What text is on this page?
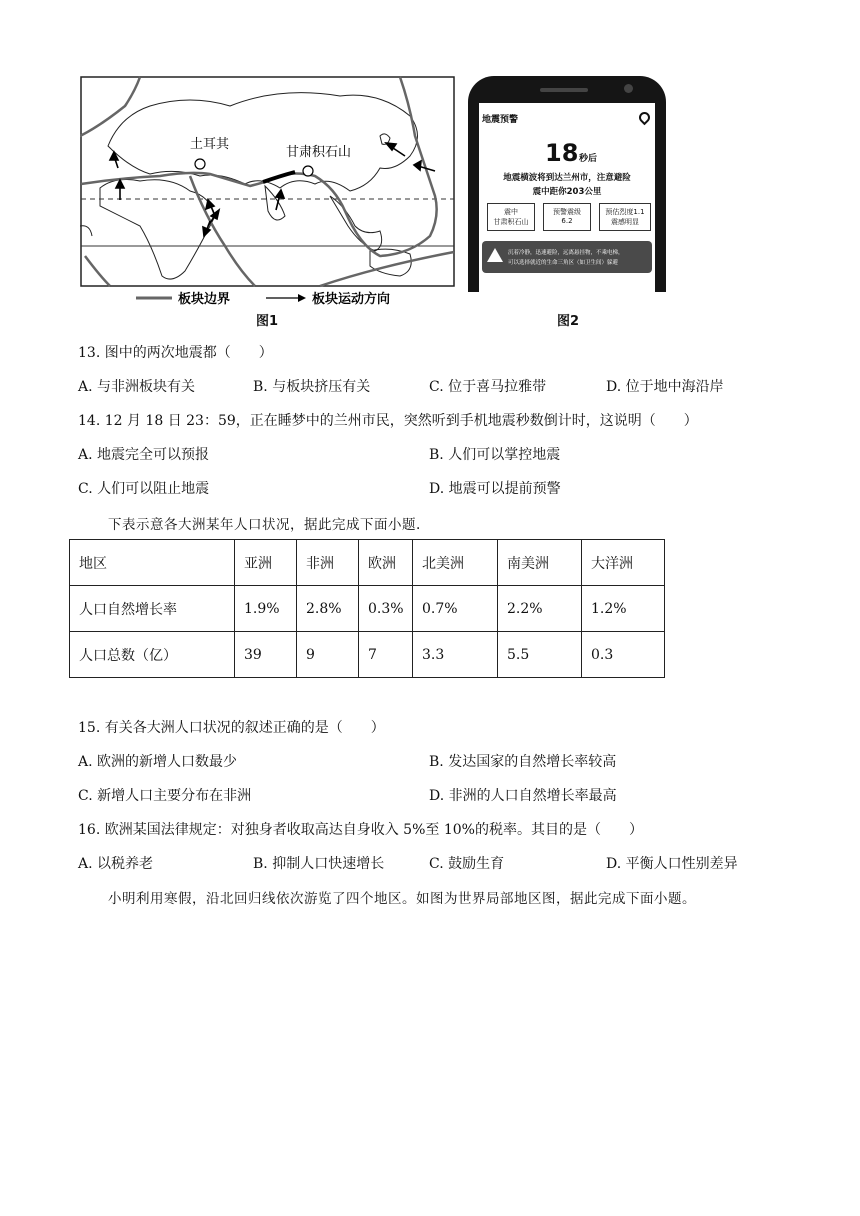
土耳其
甘肃积石山
板块边界	板块运动方向
图1
地震预警
18 秒后
地震横波将到达兰州市，注意避险
震中距你203公里
震中
甘肃积石山
预警震级
6.2
预估烈度1.1
震感明显
沉着冷静，迅速避险，远离悬挂物，不乘电梯，
可以选择就近的生命三角区（如卫生间）躲避
图2
13. 图中的两次地震都（　　）
A. 与非洲板块有关	B. 与板块挤压有关	C. 位于喜马拉雅带	D. 位于地中海沿岸
14. 12 月 18 日 23：59，正在睡梦中的兰州市民，突然听到手机地震秒数倒计时，这说明（　　）
A. 地震完全可以预报	B. 人们可以掌控地震
C. 人们可以阻止地震	D. 地震可以提前预警
下表示意各大洲某年人口状况，据此完成下面小题.
地区	亚洲	非洲	欧洲	北美洲	南美洲	大洋洲
人口自然增长率	1.9%	2.8%	0.3%	0.7%	2.2%	1.2%
人口总数（亿）	39	9	7	3.3	5.5	0.3
15. 有关各大洲人口状况的叙述正确的是（　　）
A. 欧洲的新增人口数最少	B. 发达国家的自然增长率较高
C. 新增人口主要分布在非洲	D. 非洲的人口自然增长率最高
16. 欧洲某国法律规定：对独身者收取高达自身收入 5%至 10%的税率。其目的是（　　）
A. 以税养老	B. 抑制人口快速增长	C. 鼓励生育	D. 平衡人口性别差异
小明利用寒假，沿北回归线依次游览了四个地区。如图为世界局部地区图，据此完成下面小题。
